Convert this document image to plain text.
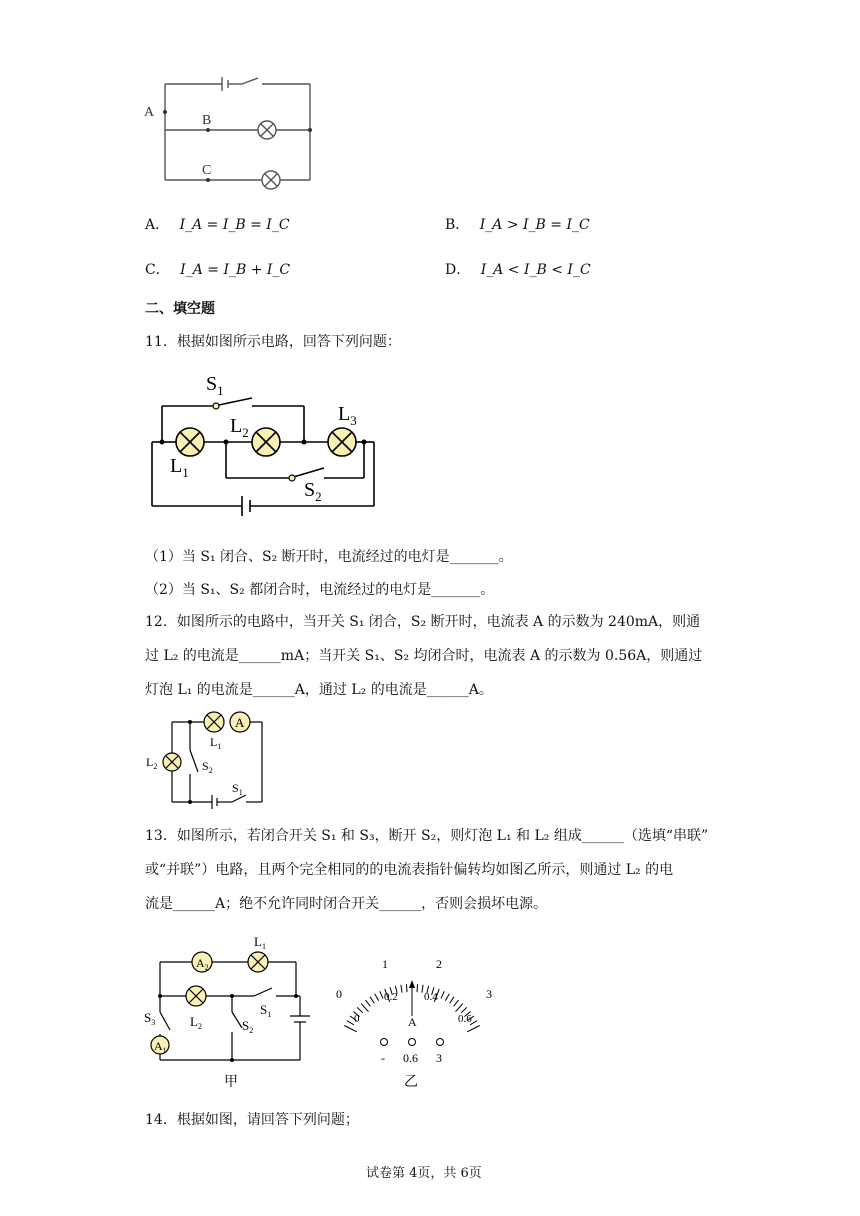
A
B
C
A． I_A = I_B = I_C	B． I_A > I_B = I_C
C． I_A = I_B + I_C	D． I_A < I_B < I_C
二、填空题
11．根据如图所示电路，回答下列问题：
$S_1$
$L_2$
$L_3$
$L_1$
$S_2$
（1）当 S₁ 闭合、S₂ 断开时，电流经过的电灯是_______。
（2）当 S₁、S₂ 都闭合时，电流经过的电灯是_______。
12．如图所示的电路中，当开关 S₁ 闭合，S₂ 断开时，电流表 A 的示数为 240mA，则通
过 L₂ 的电流是______mA；当开关 S₁、S₂ 均闭合时，电流表 A 的示数为 0.56A，则通过
灯泡 L₁ 的电流是______A，通过 L₂ 的电流是______A。
A
$L_1$
$L_2$	$S_2$
$S_1$
13．如图所示，若闭合开关 S₁ 和 S₃，断开 S₂，则灯泡 L₁ 和 L₂ 组成______（选填“串联”
或“并联”）电路，且两个完全相同的的电流表指针偏转均如图乙所示，则通过 L₂ 的电
流是______A；绝不允许同时闭合开关______，否则会损坏电源。
$A_2$
$L_1$
$S_1$
$S_3$	$L_2$	$S_2$
$A_1$
甲
0
1	2
3
0
0.2 0.4
0.6
A
- 0.6 3
乙
14．根据如图，请回答下列问题；
试卷第 4页，共 6页
